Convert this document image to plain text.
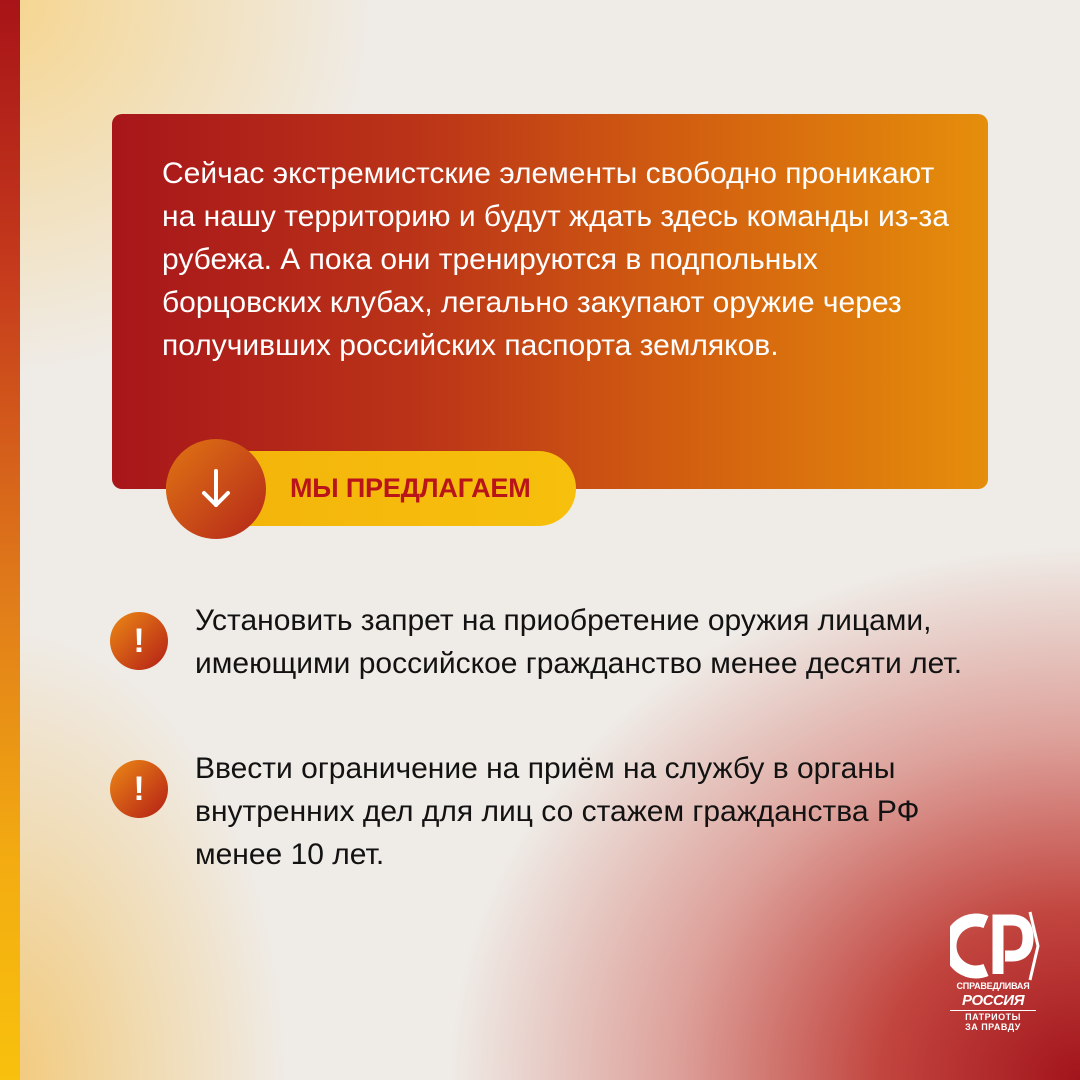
Сейчас экстремистские элементы свободно проникают на нашу территорию и будут ждать здесь команды из-за рубежа. А пока они тренируются в подпольных борцовских клубах, легально закупают оружие через получивших российских паспорта земляков.

МЫ ПРЕДЛАГАЕМ
!

Установить запрет на приобретение оружия лицами, имеющими российское гражданство менее десяти лет.

!

Ввести ограничение на приём на службу в органы внутренних дел для лиц со стажем гражданства РФ менее 10 лет.

СПРАВЕДЛИВАЯ
РОССИЯ
ПАТРИОТЫ
ЗА ПРАВДУ
